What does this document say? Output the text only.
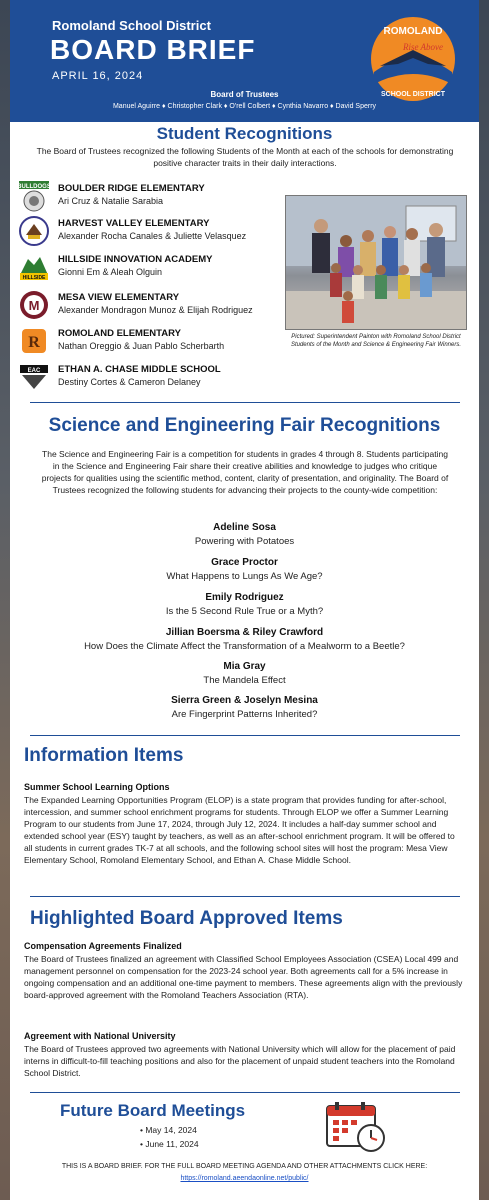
Romoland School District
BOARD BRIEF
APRIL 16, 2024
Board of Trustees
Manuel Aguirre ♦ Christopher Clark ♦ O'rell Colbert ♦ Cynthia Navarro ♦ David Sperry
ROMOLAND
Rise Above
SCHOOL DISTRICT
Student Recognitions
The Board of Trustees recognized the following Students of the Month at each of the schools for demonstrating positive character traits in their daily interactions.
BULLDOGS BOULDER RIDGE ELEMENTARY
Ari Cruz & Natalie Sarabia
HARVEST VALLEY ELEMENTARY
Alexander Rocha Canales & Juliette Velasquez
HILLSIDE
HILLSIDE INNOVATION ACADEMY
Gionni Em & Aleah Olguin
M
MESA VIEW ELEMENTARY
Alexander Mondragon Munoz & Elijah Rodriguez
R
ROMOLAND ELEMENTARY
Nathan Oreggio & Juan Pablo Scherbarth
EAC ETHAN A. CHASE MIDDLE SCHOOL
Destiny Cortes & Cameron Delaney
Pictured: Superintendent Painton with Romoland School District Students of the Month and Science & Engineering Fair Winners.
Science and Engineering Fair Recognitions
The Science and Engineering Fair is a competition for students in grades 4 through 8. Students participating in the Science and Engineering Fair share their creative abilities and knowledge to judges who critique projects for qualities using the scientific method, content, clarity of presentation, and originality. The Board of Trustees recognized the following students for advancing their projects to the county-wide competition:
Adeline Sosa
Powering with Potatoes
Grace Proctor
What Happens to Lungs As We Age?
Emily Rodriguez
Is the 5 Second Rule True or a Myth?
Jillian Boersma & Riley Crawford
How Does the Climate Affect the Transformation of a Mealworm to a Beetle?
Mia Gray
The Mandela Effect
Sierra Green & Joselyn Mesina
Are Fingerprint Patterns Inherited?
Information Items
Summer School Learning Options
The Expanded Learning Opportunities Program (ELOP) is a state program that provides funding for after-school, intercession, and summer school enrichment programs for students. Through ELOP we offer a Summer Learning Program to our students from June 17, 2024, through July 12, 2024. It includes a half-day summer school and extended school year (ESY) taught by teachers, as well as an after-school enrichment program. It will be offered to all students in current grades TK-7 at all schools, and the following school sites will host the program: Mesa View Elementary School, Romoland Elementary School, and Ethan A. Chase Middle School.
Highlighted Board Approved Items
Compensation Agreements Finalized
The Board of Trustees finalized an agreement with Classified School Employees Association (CSEA) Local 499 and management personnel on compensation for the 2023-24 school year. Both agreements call for a 5% increase in ongoing compensation and an additional one-time payment to members. These agreements align with the previously board-approved agreement with the Romoland Teachers Association (RTA).
Agreement with National University
The Board of Trustees approved two agreements with National University which will allow for the placement of paid interns in difficult-to-fill teaching positions and also for the placement of unpaid student teachers into the Romoland School District.
Future Board Meetings
• May 14, 2024
• June 11, 2024
THIS IS A BOARD BRIEF. FOR THE FULL BOARD MEETING AGENDA AND OTHER ATTACHMENTS CLICK HERE:
https://romoland.aeendaonline.net/public/
